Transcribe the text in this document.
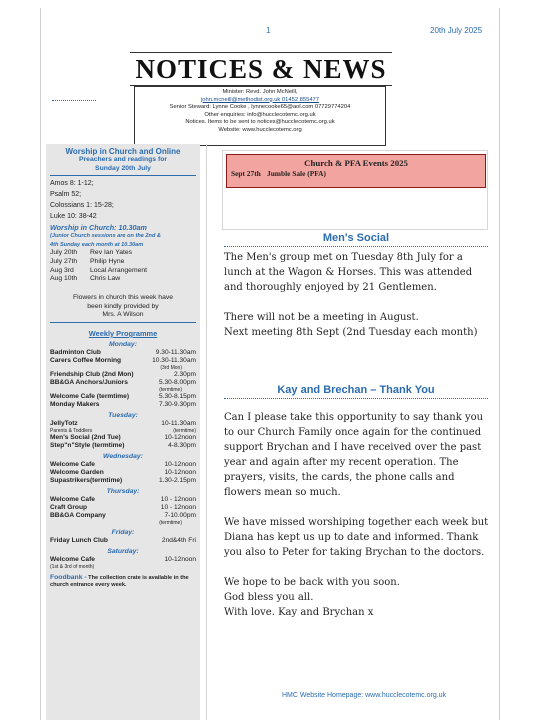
1	20th July 2025
NOTICES & NEWS
Minister: Revd. John McNeill,
john.mcneill@methodist.org.uk 01452 855477
Senior Steward: Lynne Cooke , lynnecooke65@aol.com 07729774204
Other enquiries: info@hucclecotemc.org.uk
Notices. Items to be sent to notices@hucclecotemc.org.uk
Website: www.hucclecotemc.org
Worship in Church and Online
Preachers and readings for
Sunday 20th July
Amos 8: 1-12;
Psalm 52;
Colossians 1: 15-28;
Luke 10: 38-42
Worship in Church: 10.30am
(Junior Church sessions are on the 2nd &
4th Sunday each month at 10.30am
July 20th	Rev Ian Yates
July 27th	Philip Hyne
Aug 3rd	Local Arrangement
Aug 10th	Chris Law
Flowers in church this week have
been kindly provided by
Mrs. A Wilson
Weekly Programme
Monday:
Badminton Club	9.30-11.30am
Carers Coffee Morning	10.30-11.30am
(3rd Mon)
Friendship Club (2nd Mon)	2.30pm
BB&GA Anchors/Juniors	5.30-8.00pm
(termtime)
Welcome Cafe (termtime)	5.30-8.15pm
Monday Makers	7.30-9.30pm
Tuesday:
JellyTotz	10-11.30am
Parents & Toddlers	(termtime)
Men's Social (2nd Tue)	10-12noon
Step"n"Style (termtime)	4-8.30pm
Wednesday:
Welcome Cafe	10-12noon
Welcome Garden	10-12noon
Supastrikers(termtime)	1.30-2.15pm
Thursday:
Welcome Cafe	10 - 12noon
Craft Group	10 - 12noon
BB&GA Company	7-10.00pm
(termtime)
Friday:
Friday Lunch Club	2nd&4th Fri
Saturday:
Welcome Cafe	10-12noon
(1st & 3rd of month)
Foodbank - The collection crate is available in the church entrance every week.
Church & PFA Events 2025
Sept 27th Jumble Sale (PFA)
Men's Social

The Men's group met on Tuesday 8th July for a lunch at the Wagon & Horses. This was attended and thoroughly enjoyed by 21 Gentlemen.

There will not be a meeting in August.

Next meeting 8th Sept (2nd Tuesday each month)

Kay and Brechan – Thank You

Can I please take this opportunity to say thank you to our Church Family once again for the continued support Brychan and I have received over the past year and again after my recent operation. The prayers, visits, the cards, the phone calls and flowers mean so much.

We have missed worshiping together each week but Diana has kept us up to date and informed. Thank you also to Peter for taking Brychan to the doctors.

We hope to be back with you soon.

God bless you all.

With love. Kay and Brychan x

HMC Website Homepage: www.hucclecotemc.org.uk
